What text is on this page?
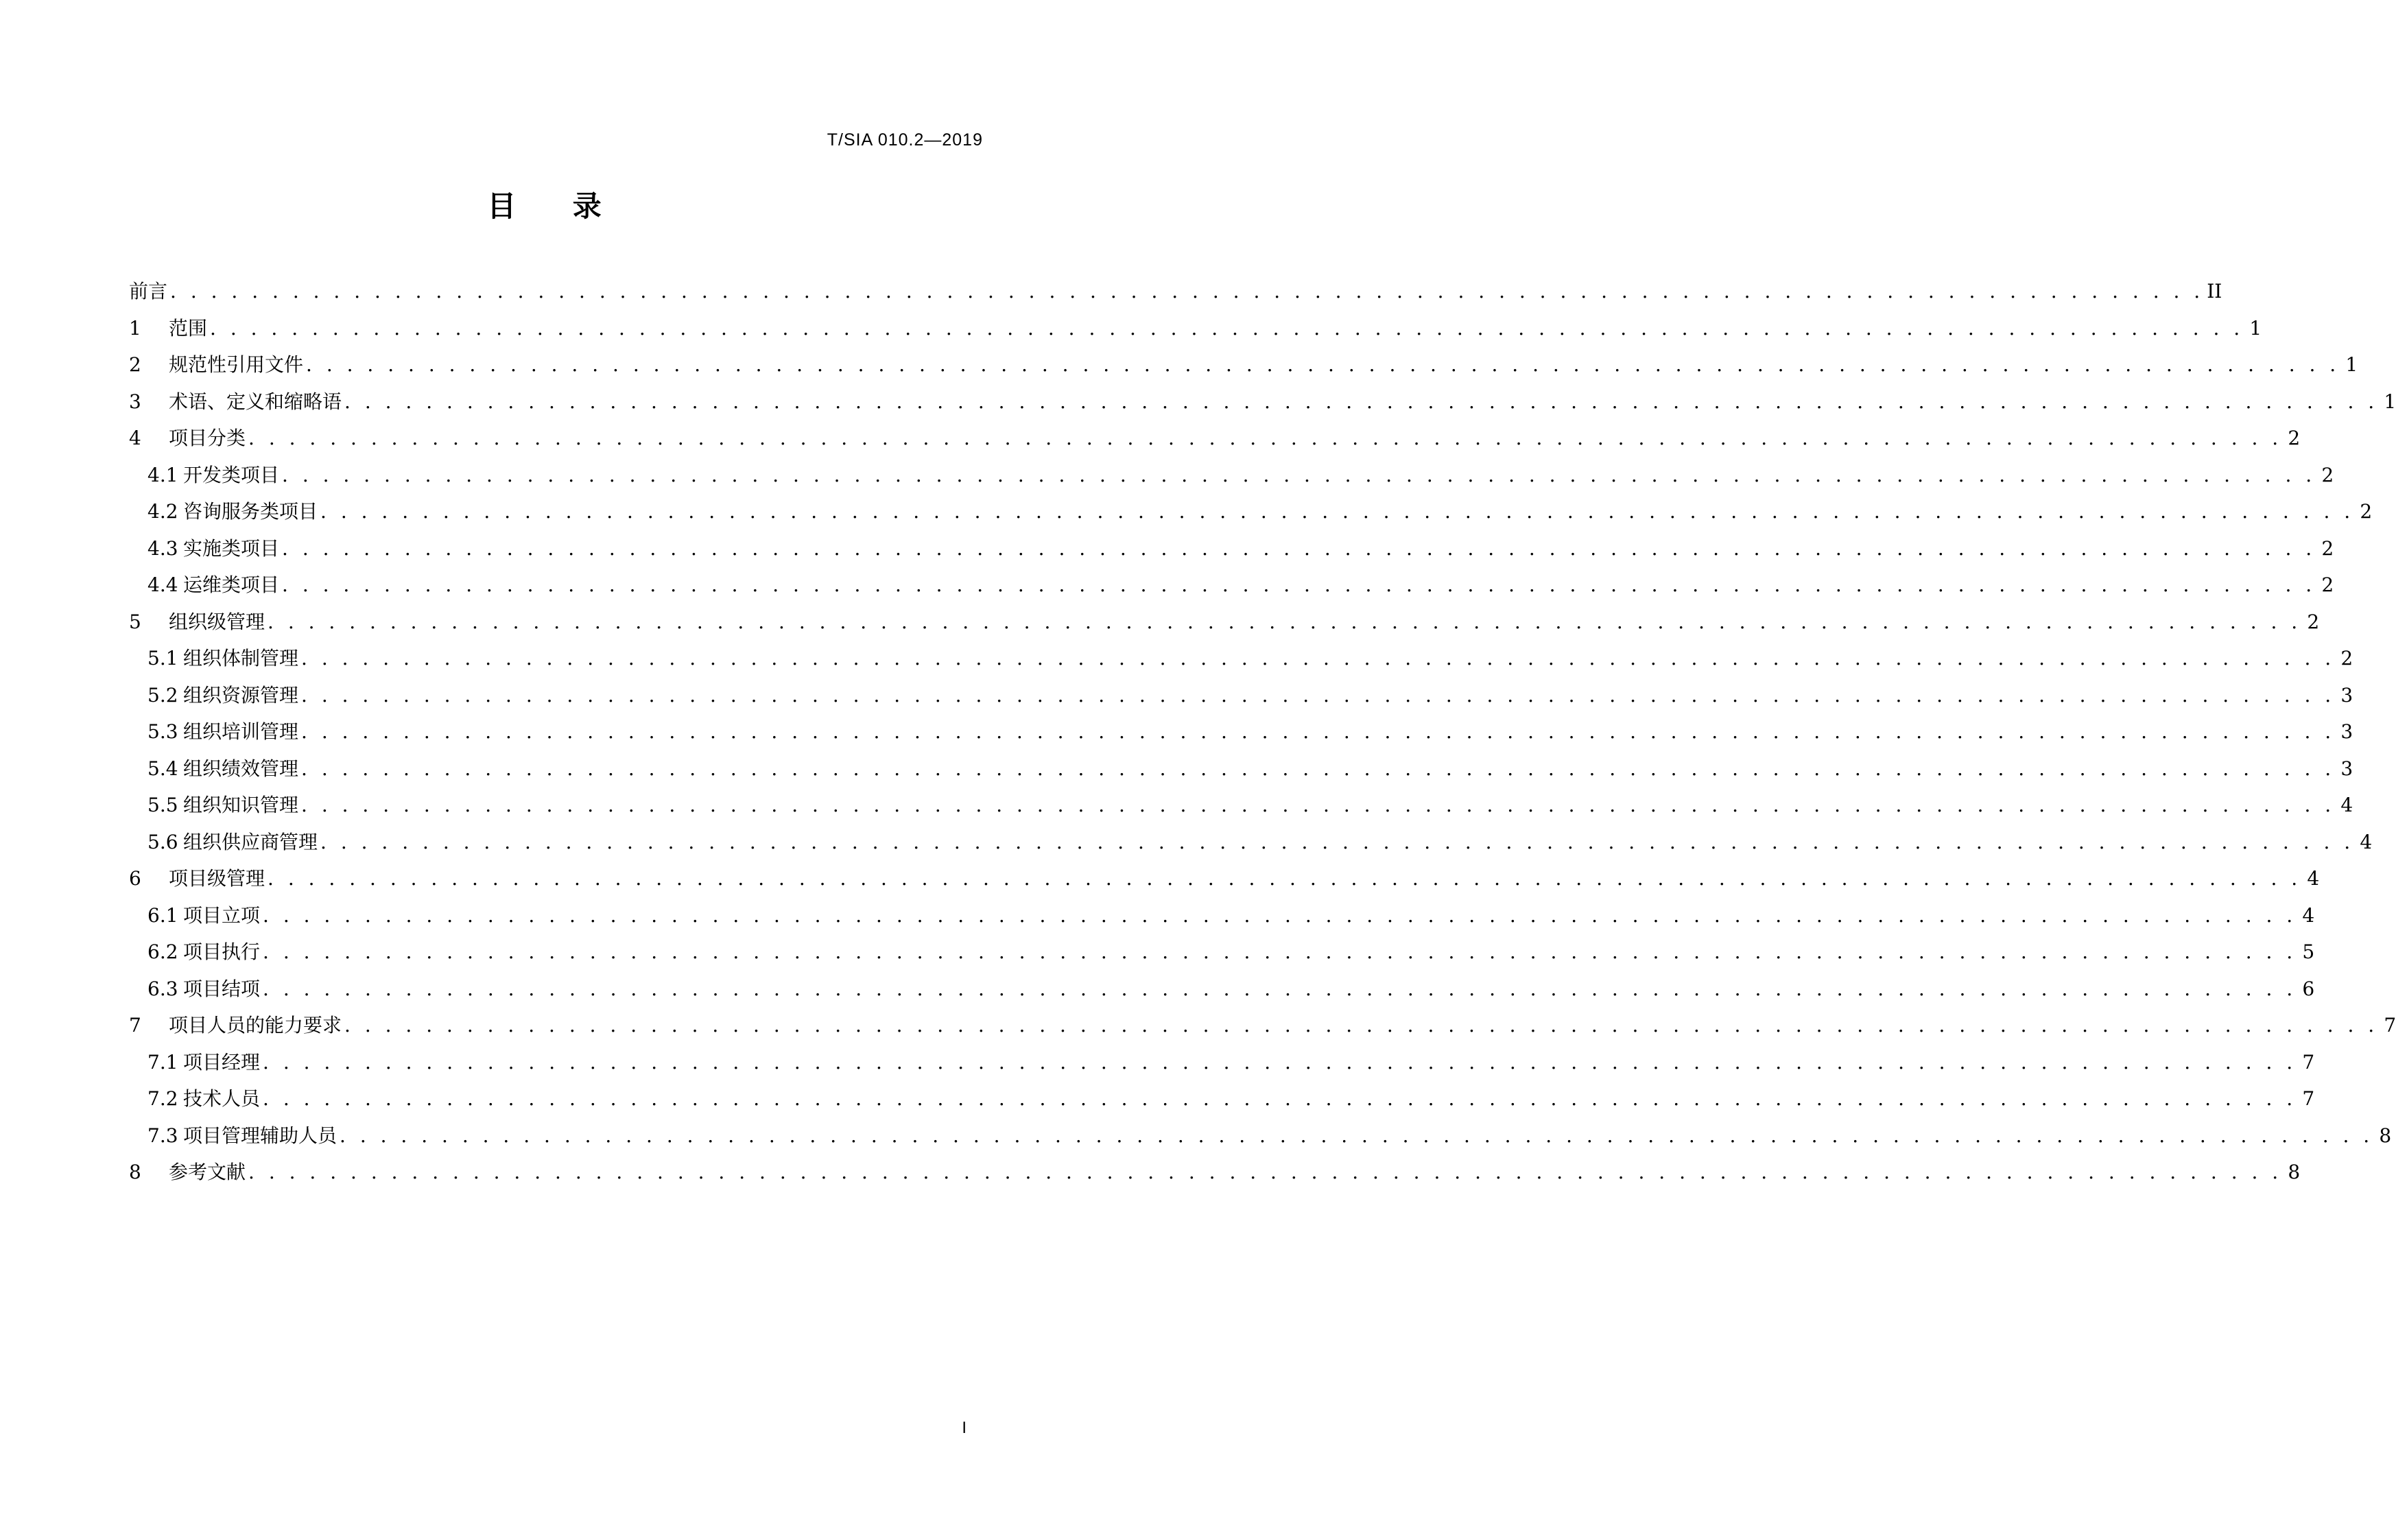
T/SIA 010.2—2019
目 录
前言 . . . . . . . . . . . . . . . . . . . . . . . . . . . . . . . . . . . . . . . . . . . . . . . . . . . . . . . . . . . . . . . . . . . . . . . . . . . . . . . . . . . . . . . . . . . . . . . . . . . . II
1	范围 . . . . . . . . . . . . . . . . . . . . . . . . . . . . . . . . . . . . . . . . . . . . . . . . . . . . . . . . . . . . . . . . . . . . . . . . . . . . . . . . . . . . . . . . . . . . . . . . . . . . 1
2	规范性引用文件 . . . . . . . . . . . . . . . . . . . . . . . . . . . . . . . . . . . . . . . . . . . . . . . . . . . . . . . . . . . . . . . . . . . . . . . . . . . . . . . . . . . . . . . . . . . . . . . . . . . . 1
3	术语、定义和缩略语 . . . . . . . . . . . . . . . . . . . . . . . . . . . . . . . . . . . . . . . . . . . . . . . . . . . . . . . . . . . . . . . . . . . . . . . . . . . . . . . . . . . . . . . . . . . . . . . . . . . . 1
4	项目分类 . . . . . . . . . . . . . . . . . . . . . . . . . . . . . . . . . . . . . . . . . . . . . . . . . . . . . . . . . . . . . . . . . . . . . . . . . . . . . . . . . . . . . . . . . . . . . . . . . . . . 2
4.1 开发类项目 . . . . . . . . . . . . . . . . . . . . . . . . . . . . . . . . . . . . . . . . . . . . . . . . . . . . . . . . . . . . . . . . . . . . . . . . . . . . . . . . . . . . . . . . . . . . . . . . . . . . 2
4.2 咨询服务类项目 . . . . . . . . . . . . . . . . . . . . . . . . . . . . . . . . . . . . . . . . . . . . . . . . . . . . . . . . . . . . . . . . . . . . . . . . . . . . . . . . . . . . . . . . . . . . . . . . . . . . 2
4.3 实施类项目 . . . . . . . . . . . . . . . . . . . . . . . . . . . . . . . . . . . . . . . . . . . . . . . . . . . . . . . . . . . . . . . . . . . . . . . . . . . . . . . . . . . . . . . . . . . . . . . . . . . . 2
4.4 运维类项目 . . . . . . . . . . . . . . . . . . . . . . . . . . . . . . . . . . . . . . . . . . . . . . . . . . . . . . . . . . . . . . . . . . . . . . . . . . . . . . . . . . . . . . . . . . . . . . . . . . . . 2
5	组织级管理 . . . . . . . . . . . . . . . . . . . . . . . . . . . . . . . . . . . . . . . . . . . . . . . . . . . . . . . . . . . . . . . . . . . . . . . . . . . . . . . . . . . . . . . . . . . . . . . . . . . . 2
5.1 组织体制管理 . . . . . . . . . . . . . . . . . . . . . . . . . . . . . . . . . . . . . . . . . . . . . . . . . . . . . . . . . . . . . . . . . . . . . . . . . . . . . . . . . . . . . . . . . . . . . . . . . . . . 2
5.2 组织资源管理 . . . . . . . . . . . . . . . . . . . . . . . . . . . . . . . . . . . . . . . . . . . . . . . . . . . . . . . . . . . . . . . . . . . . . . . . . . . . . . . . . . . . . . . . . . . . . . . . . . . . 3
5.3 组织培训管理 . . . . . . . . . . . . . . . . . . . . . . . . . . . . . . . . . . . . . . . . . . . . . . . . . . . . . . . . . . . . . . . . . . . . . . . . . . . . . . . . . . . . . . . . . . . . . . . . . . . . 3
5.4 组织绩效管理 . . . . . . . . . . . . . . . . . . . . . . . . . . . . . . . . . . . . . . . . . . . . . . . . . . . . . . . . . . . . . . . . . . . . . . . . . . . . . . . . . . . . . . . . . . . . . . . . . . . . 3
5.5 组织知识管理 . . . . . . . . . . . . . . . . . . . . . . . . . . . . . . . . . . . . . . . . . . . . . . . . . . . . . . . . . . . . . . . . . . . . . . . . . . . . . . . . . . . . . . . . . . . . . . . . . . . . 4
5.6 组织供应商管理 . . . . . . . . . . . . . . . . . . . . . . . . . . . . . . . . . . . . . . . . . . . . . . . . . . . . . . . . . . . . . . . . . . . . . . . . . . . . . . . . . . . . . . . . . . . . . . . . . . . . 4
6	项目级管理 . . . . . . . . . . . . . . . . . . . . . . . . . . . . . . . . . . . . . . . . . . . . . . . . . . . . . . . . . . . . . . . . . . . . . . . . . . . . . . . . . . . . . . . . . . . . . . . . . . . . 4
6.1 项目立项 . . . . . . . . . . . . . . . . . . . . . . . . . . . . . . . . . . . . . . . . . . . . . . . . . . . . . . . . . . . . . . . . . . . . . . . . . . . . . . . . . . . . . . . . . . . . . . . . . . . . 4
6.2 项目执行 . . . . . . . . . . . . . . . . . . . . . . . . . . . . . . . . . . . . . . . . . . . . . . . . . . . . . . . . . . . . . . . . . . . . . . . . . . . . . . . . . . . . . . . . . . . . . . . . . . . . 5
6.3 项目结项 . . . . . . . . . . . . . . . . . . . . . . . . . . . . . . . . . . . . . . . . . . . . . . . . . . . . . . . . . . . . . . . . . . . . . . . . . . . . . . . . . . . . . . . . . . . . . . . . . . . . 6
7	项目人员的能力要求 . . . . . . . . . . . . . . . . . . . . . . . . . . . . . . . . . . . . . . . . . . . . . . . . . . . . . . . . . . . . . . . . . . . . . . . . . . . . . . . . . . . . . . . . . . . . . . . . . . . . 7
7.1 项目经理 . . . . . . . . . . . . . . . . . . . . . . . . . . . . . . . . . . . . . . . . . . . . . . . . . . . . . . . . . . . . . . . . . . . . . . . . . . . . . . . . . . . . . . . . . . . . . . . . . . . . 7
7.2 技术人员 . . . . . . . . . . . . . . . . . . . . . . . . . . . . . . . . . . . . . . . . . . . . . . . . . . . . . . . . . . . . . . . . . . . . . . . . . . . . . . . . . . . . . . . . . . . . . . . . . . . . 7
7.3 项目管理辅助人员 . . . . . . . . . . . . . . . . . . . . . . . . . . . . . . . . . . . . . . . . . . . . . . . . . . . . . . . . . . . . . . . . . . . . . . . . . . . . . . . . . . . . . . . . . . . . . . . . . . . . 8
8	参考文献 . . . . . . . . . . . . . . . . . . . . . . . . . . . . . . . . . . . . . . . . . . . . . . . . . . . . . . . . . . . . . . . . . . . . . . . . . . . . . . . . . . . . . . . . . . . . . . . . . . . . 8
I
